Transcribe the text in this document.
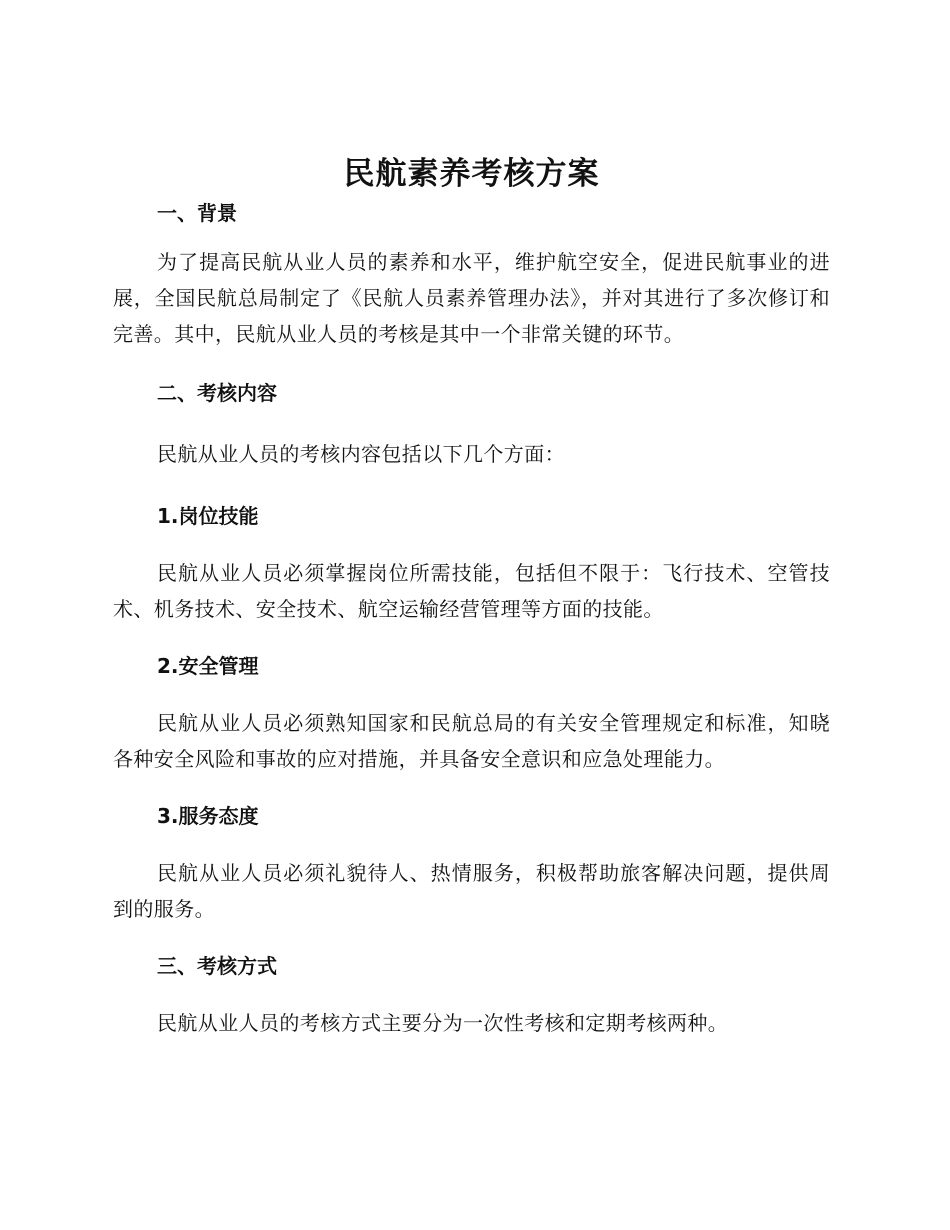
民航素养考核方案
一、背景

为了提高民航从业人员的素养和水平，维护航空安全，促进民航事业的进展，全国民航总局制定了《民航人员素养管理办法》，并对其进行了多次修订和完善。其中，民航从业人员的考核是其中一个非常关键的环节。

二、考核内容

民航从业人员的考核内容包括以下几个方面：

1.岗位技能

民航从业人员必须掌握岗位所需技能，包括但不限于：飞行技术、空管技术、机务技术、安全技术、航空运输经营管理等方面的技能。

2.安全管理

民航从业人员必须熟知国家和民航总局的有关安全管理规定和标准，知晓各种安全风险和事故的应对措施，并具备安全意识和应急处理能力。

3.服务态度

民航从业人员必须礼貌待人、热情服务，积极帮助旅客解决问题，提供周到的服务。

三、考核方式

民航从业人员的考核方式主要分为一次性考核和定期考核两种。
